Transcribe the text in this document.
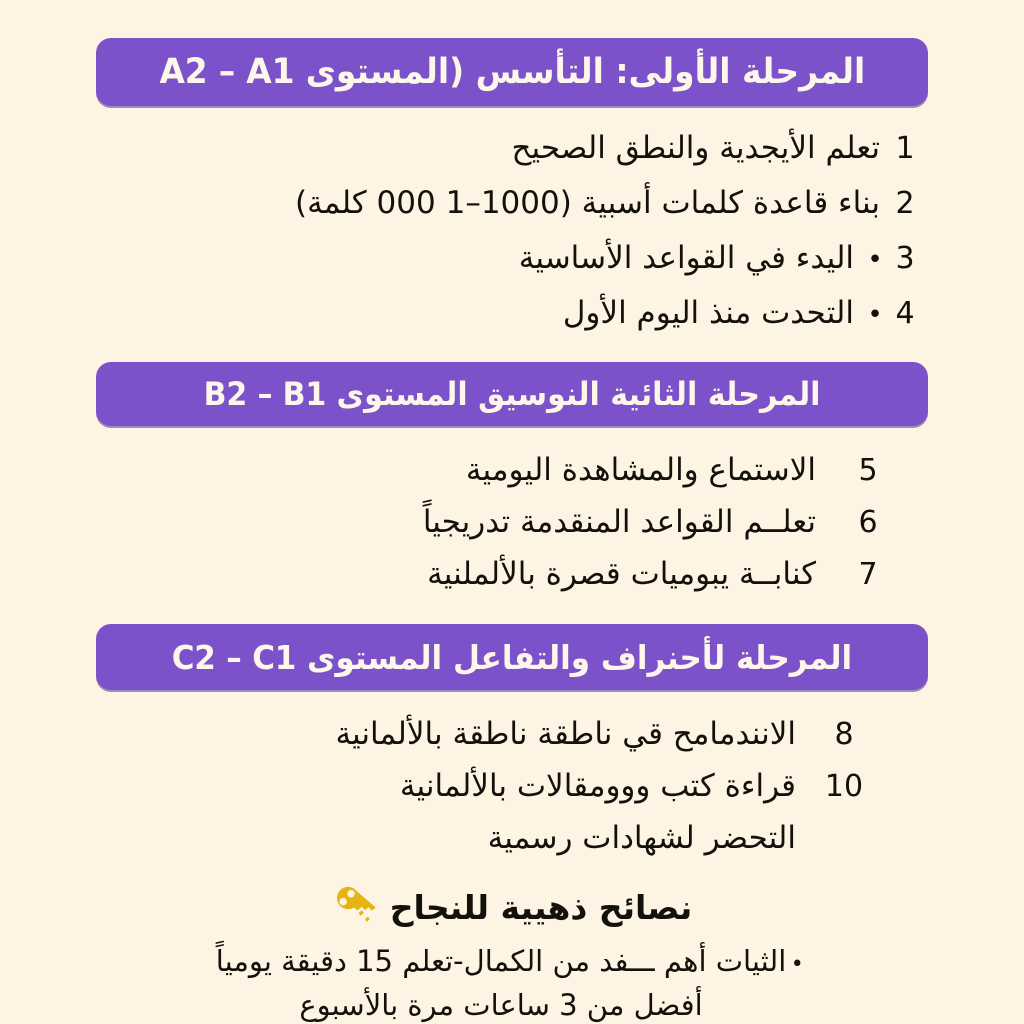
المرحلة الأولى: التأسس (المستوى A2 – A1
1
تعلم الأيجدية والنطق الصحيح
2
بناء قاعدة كلمات أسبية (1000–1 000 كلمة)
3
•
اليدء في القواعد الأساسية
4
•
التحدت منذ اليوم الأول
المرحلة الثائية النوسيق المستوى B2 – B1
5
الاستماع والمشاهدة اليومية
6
تعلــم القواعد المنقدمة تدريجياً
7
كنابــة يبوميات قصرة بالألملنية
المرحلة لأحنراف والتفاعل المستوى C2 – C1
8
الانندمامح قي ناطقة ناطقة بالألمانية
10
قراءة كتب ووومقالات بالألمانية
التحضر لشهادات رسمية
نصائح ذهيية للنجاح
•
الثيات أهم ـــفد من الكمال-تعلم 15 دقيقة يومياً
أفضل من 3 ساعات مرة بالأسبوع
